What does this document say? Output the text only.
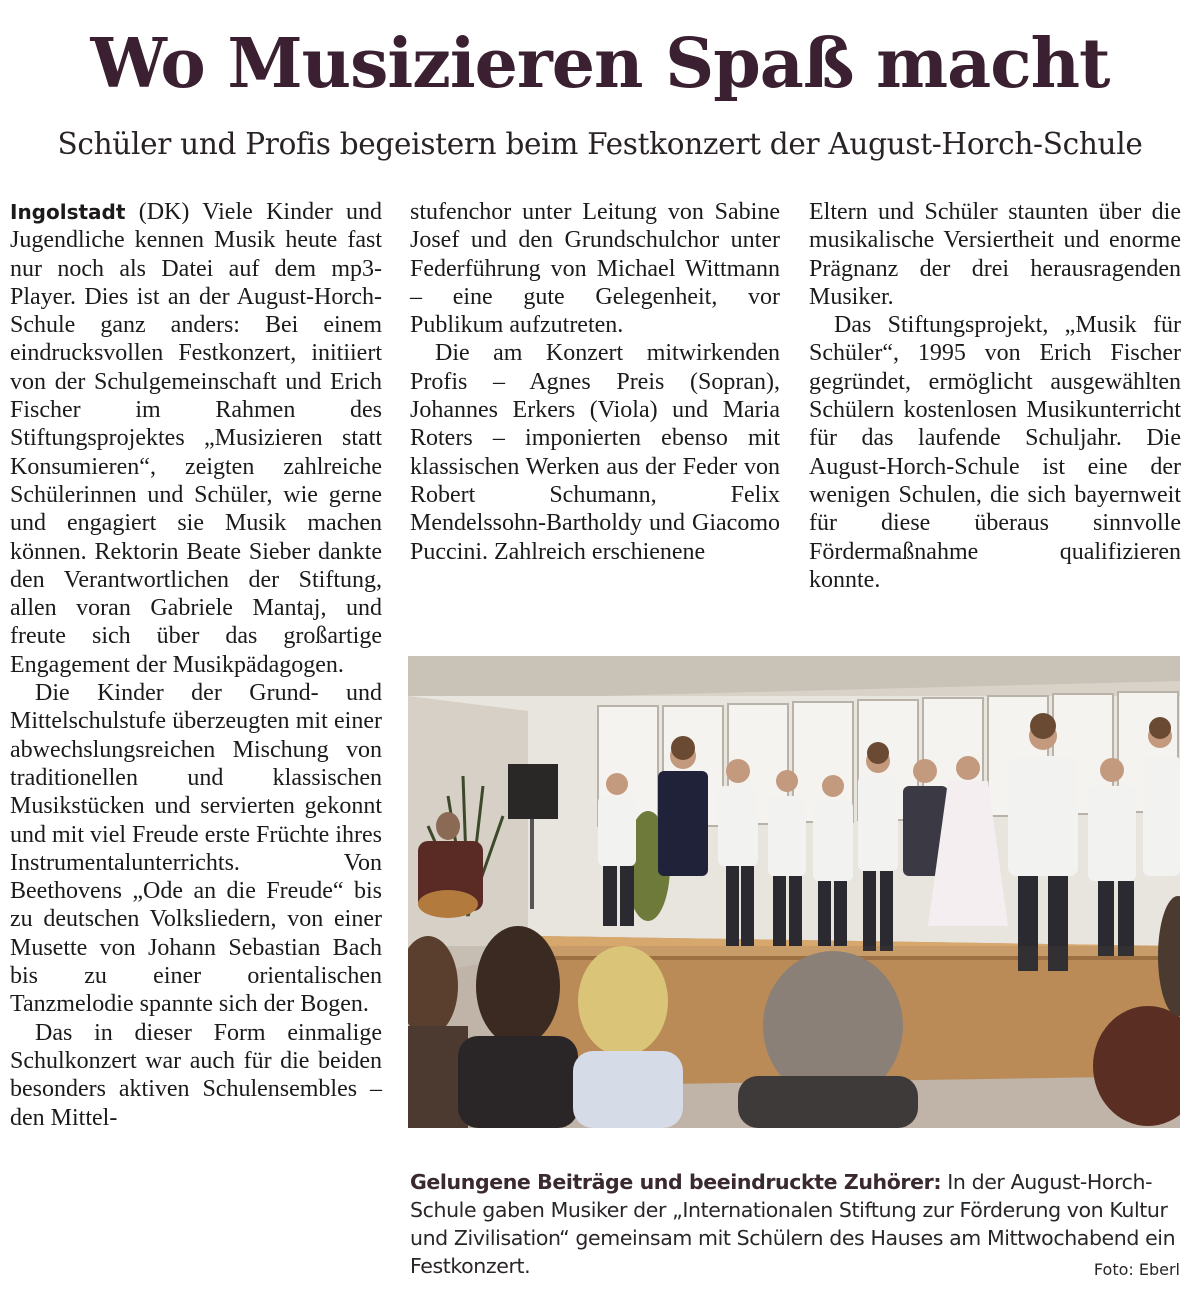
Wo Musizieren Spaß macht
Schüler und Profis begeistern beim Festkonzert der August-Horch-Schule

Ingolstadt (DK) Viele Kinder und Jugendliche kennen Musik heute fast nur noch als Datei auf dem mp3-Player. Dies ist an der August-Horch-Schule ganz anders: Bei einem eindrucksvollen Festkonzert, initiiert von der Schulgemeinschaft und Erich Fischer im Rahmen des Stiftungsprojektes „Musizieren statt Konsumieren“, zeigten zahlreiche Schülerinnen und Schüler, wie gerne und engagiert sie Musik machen können. Rektorin Beate Sieber dankte den Verantwortlichen der Stiftung, allen voran Gabriele Mantaj, und freute sich über das großartige Engagement der Musikpädagogen.

Die Kinder der Grund- und Mittelschulstufe überzeugten mit einer abwechslungsreichen Mischung von traditionellen und klassischen Musikstücken und servierten gekonnt und mit viel Freude erste Früchte ihres Instrumentalunterrichts. Von Beethovens „Ode an die Freude“ bis zu deutschen Volksliedern, von einer Musette von Johann Sebastian Bach bis zu einer orientalischen Tanzmelodie spannte sich der Bogen.

Das in dieser Form einmalige Schulkonzert war auch für die beiden besonders aktiven Schulensembles – den Mittel-

stufenchor unter Leitung von Sabine Josef und den Grundschulchor unter Federführung von Michael Wittmann – eine gute Gelegenheit, vor Publikum aufzutreten.

Die am Konzert mitwirkenden Profis – Agnes Preis (Sopran), Johannes Erkers (Viola) und Maria Roters – imponierten ebenso mit klassischen Werken aus der Feder von Robert Schumann, Felix Mendelssohn-Bartholdy und Giacomo Puccini. Zahlreich erschienene

Eltern und Schüler staunten über die musikalische Versiertheit und enorme Prägnanz der drei herausragenden Musiker.

Das Stiftungsprojekt, „Musik für Schüler“, 1995 von Erich Fischer gegründet, ermöglicht ausgewählten Schülern kostenlosen Musikunterricht für das laufende Schuljahr. Die August-Horch-Schule ist eine der wenigen Schulen, die sich bayernweit für diese überaus sinnvolle Fördermaßnahme qualifizieren konnte.

Gelungene Beiträge und beeindruckte Zuhörer: In der August-Horch-Schule gaben Musiker der „Internationalen Stiftung zur Förderung von Kultur und Zivilisation“ gemeinsam mit Schülern des Hauses am Mittwochabend ein Festkonzert.	Foto: Eberl
